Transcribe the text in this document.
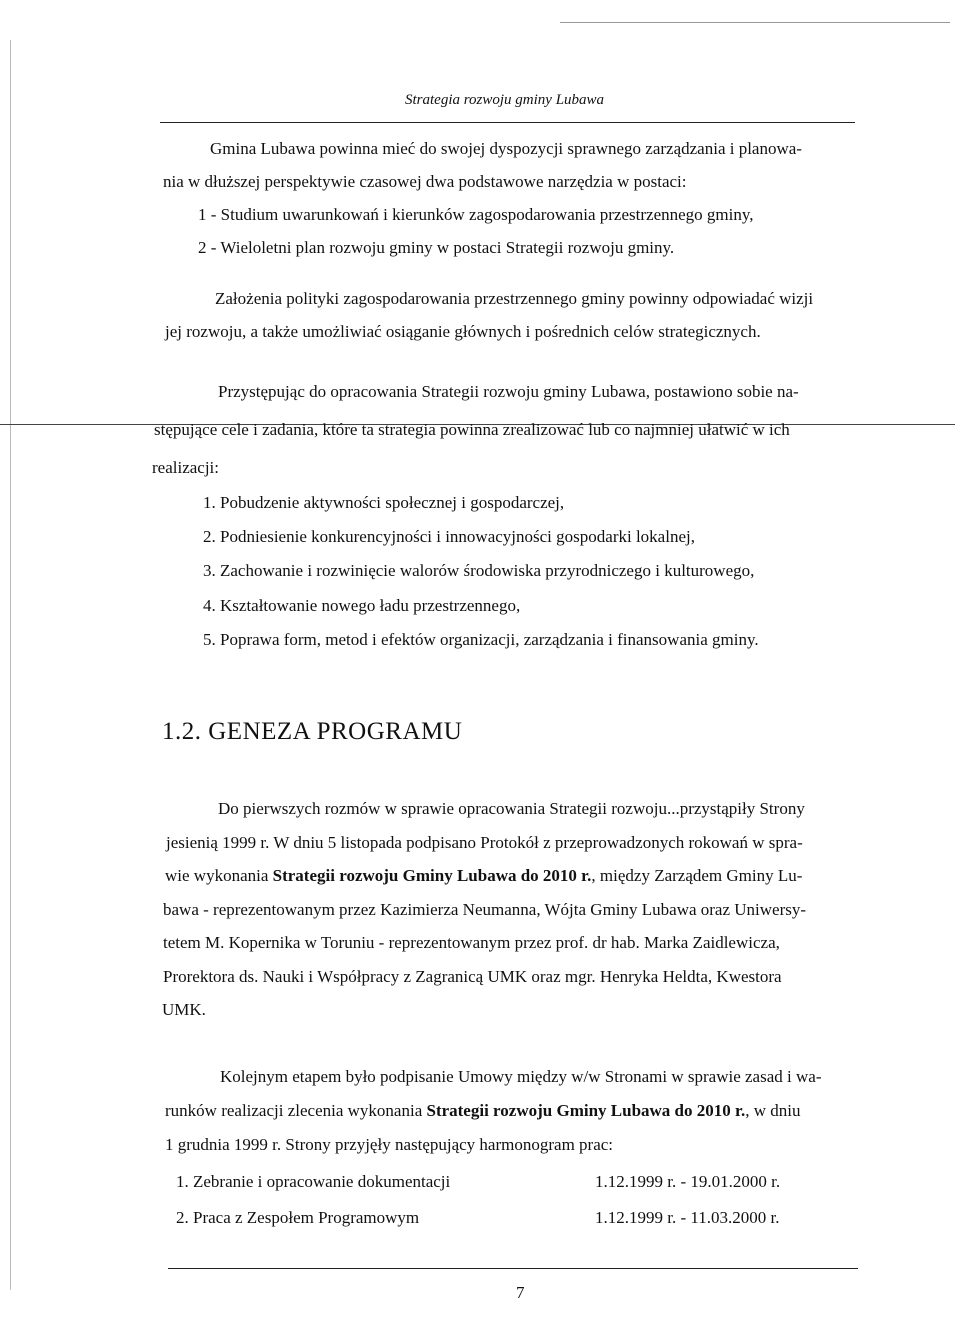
Strategia rozwoju gminy Lubawa
Gmina Lubawa powinna mieć do swojej dyspozycji sprawnego zarządzania i planowa-
nia w dłuższej perspektywie czasowej dwa podstawowe narzędzia w postaci:
1 - Studium uwarunkowań i kierunków zagospodarowania przestrzennego gminy,
2 - Wieloletni plan rozwoju gminy w postaci Strategii rozwoju gminy.
Założenia polityki zagospodarowania przestrzennego gminy powinny odpowiadać wizji
jej rozwoju, a także umożliwiać osiąganie głównych i pośrednich celów strategicznych.
Przystępując do opracowania Strategii rozwoju gminy Lubawa, postawiono sobie na-
stępujące cele i zadania, które ta strategia powinna zrealizować lub co najmniej ułatwić w ich
realizacji:
1. Pobudzenie aktywności społecznej i gospodarczej,
2. Podniesienie konkurencyjności i innowacyjności gospodarki lokalnej,
3. Zachowanie i rozwinięcie walorów środowiska przyrodniczego i kulturowego,
4. Kształtowanie nowego ładu przestrzennego,
5. Poprawa form, metod i efektów organizacji, zarządzania i finansowania gminy.
1.2. GENEZA PROGRAMU
Do pierwszych rozmów w sprawie opracowania Strategii rozwoju...przystąpiły Strony
jesienią 1999 r. W dniu 5 listopada podpisano Protokół z przeprowadzonych rokowań w spra-
wie wykonania Strategii rozwoju Gminy Lubawa do 2010 r., między Zarządem Gminy Lu-
bawa - reprezentowanym przez Kazimierza Neumanna, Wójta Gminy Lubawa oraz Uniwersy-
tetem M. Kopernika w Toruniu - reprezentowanym przez prof. dr hab. Marka Zaidlewicza,
Prorektora ds. Nauki i Współpracy z Zagranicą UMK oraz mgr. Henryka Heldta, Kwestora
UMK.
Kolejnym etapem było podpisanie Umowy między w/w Stronami w sprawie zasad i wa-
runków realizacji zlecenia wykonania Strategii rozwoju Gminy Lubawa do 2010 r., w dniu
1 grudnia 1999 r. Strony przyjęły następujący harmonogram prac:
1. Zebranie i opracowanie dokumentacji	1.12.1999 r. - 19.01.2000 r.
2. Praca z Zespołem Programowym	1.12.1999 r. - 11.03.2000 r.
7
